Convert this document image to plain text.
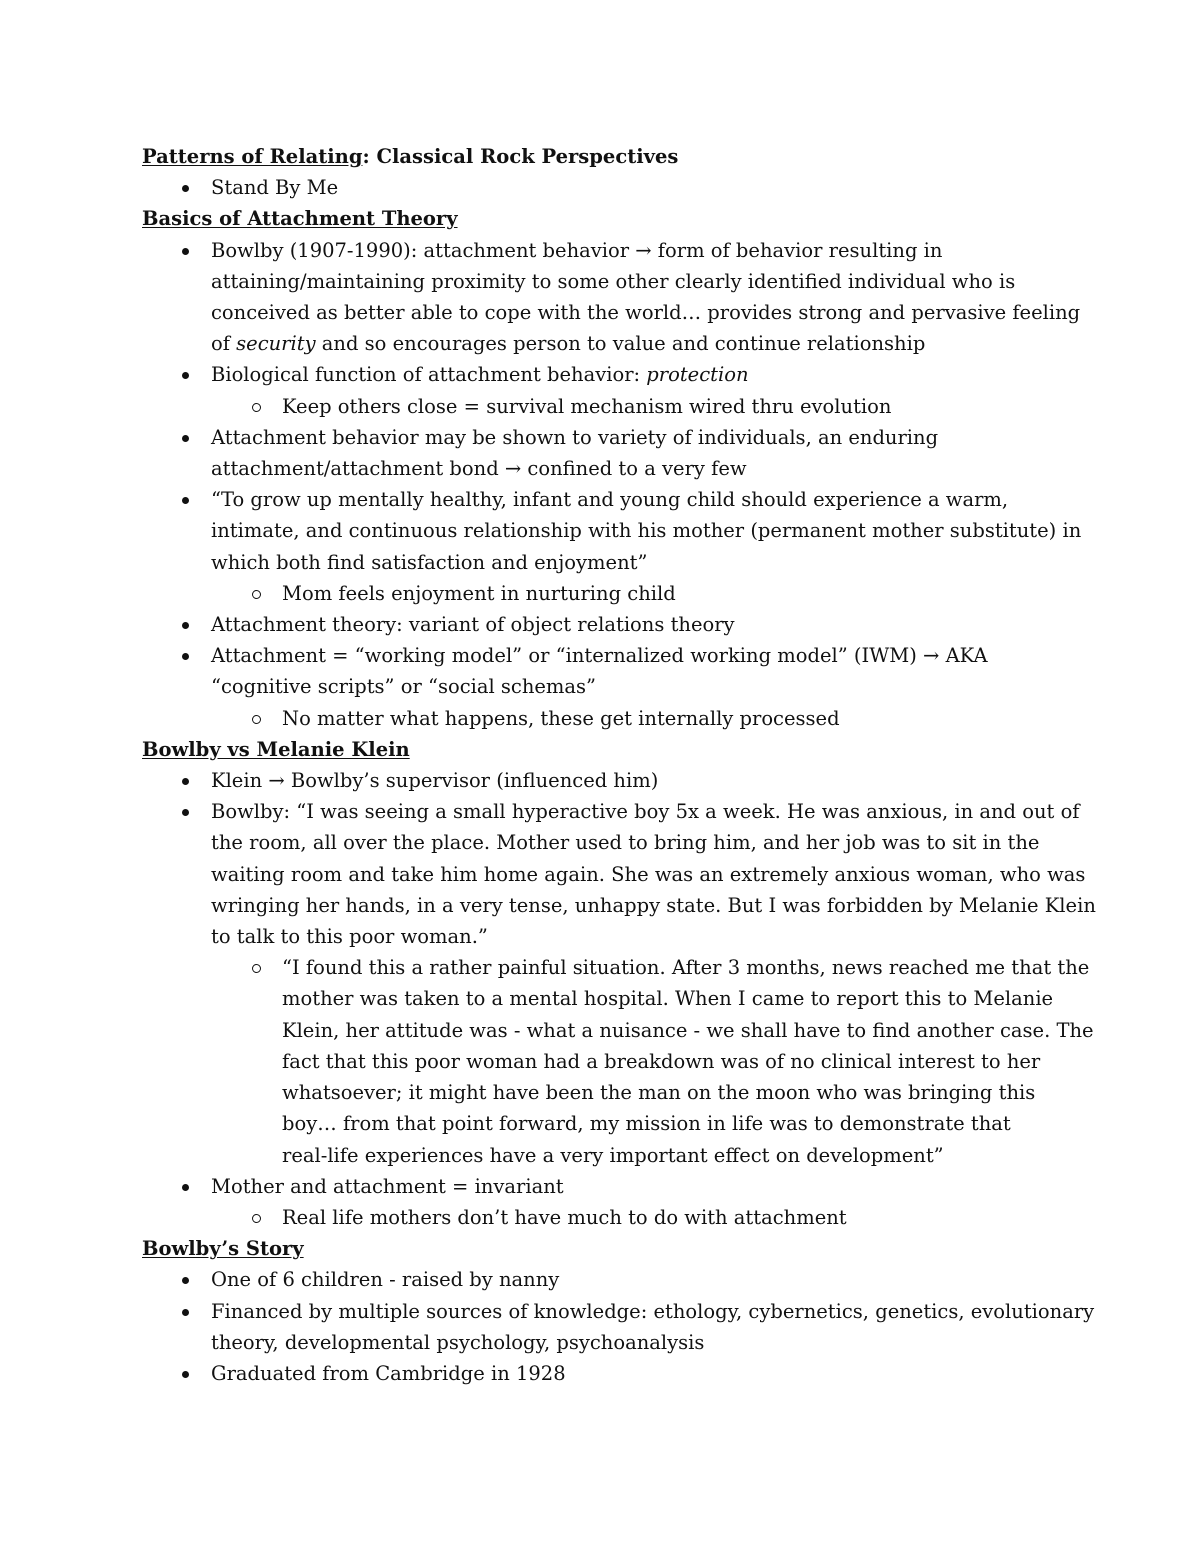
Patterns of Relating: Classical Rock Perspectives
Stand By Me
Basics of Attachment Theory
Bowlby (1907-1990): attachment behavior → form of behavior resulting in
attaining/maintaining proximity to some other clearly identified individual who is
conceived as better able to cope with the world… provides strong and pervasive feeling
of security and so encourages person to value and continue relationship
Biological function of attachment behavior: protection
Keep others close = survival mechanism wired thru evolution
Attachment behavior may be shown to variety of individuals, an enduring
attachment/attachment bond → confined to a very few
“To grow up mentally healthy, infant and young child should experience a warm,
intimate, and continuous relationship with his mother (permanent mother substitute) in
which both find satisfaction and enjoyment”
Mom feels enjoyment in nurturing child
Attachment theory: variant of object relations theory
Attachment = “working model” or “internalized working model” (IWM) → AKA
“cognitive scripts” or “social schemas”
No matter what happens, these get internally processed
Bowlby vs Melanie Klein
Klein → Bowlby’s supervisor (influenced him)
Bowlby: “I was seeing a small hyperactive boy 5x a week. He was anxious, in and out of
the room, all over the place. Mother used to bring him, and her job was to sit in the
waiting room and take him home again. She was an extremely anxious woman, who was
wringing her hands, in a very tense, unhappy state. But I was forbidden by Melanie Klein
to talk to this poor woman.”
“I found this a rather painful situation. After 3 months, news reached me that the
mother was taken to a mental hospital. When I came to report this to Melanie
Klein, her attitude was - what a nuisance - we shall have to find another case. The
fact that this poor woman had a breakdown was of no clinical interest to her
whatsoever; it might have been the man on the moon who was bringing this
boy… from that point forward, my mission in life was to demonstrate that
real-life experiences have a very important effect on development”
Mother and attachment = invariant
Real life mothers don’t have much to do with attachment
Bowlby’s Story
One of 6 children - raised by nanny
Financed by multiple sources of knowledge: ethology, cybernetics, genetics, evolutionary
theory, developmental psychology, psychoanalysis
Graduated from Cambridge in 1928
